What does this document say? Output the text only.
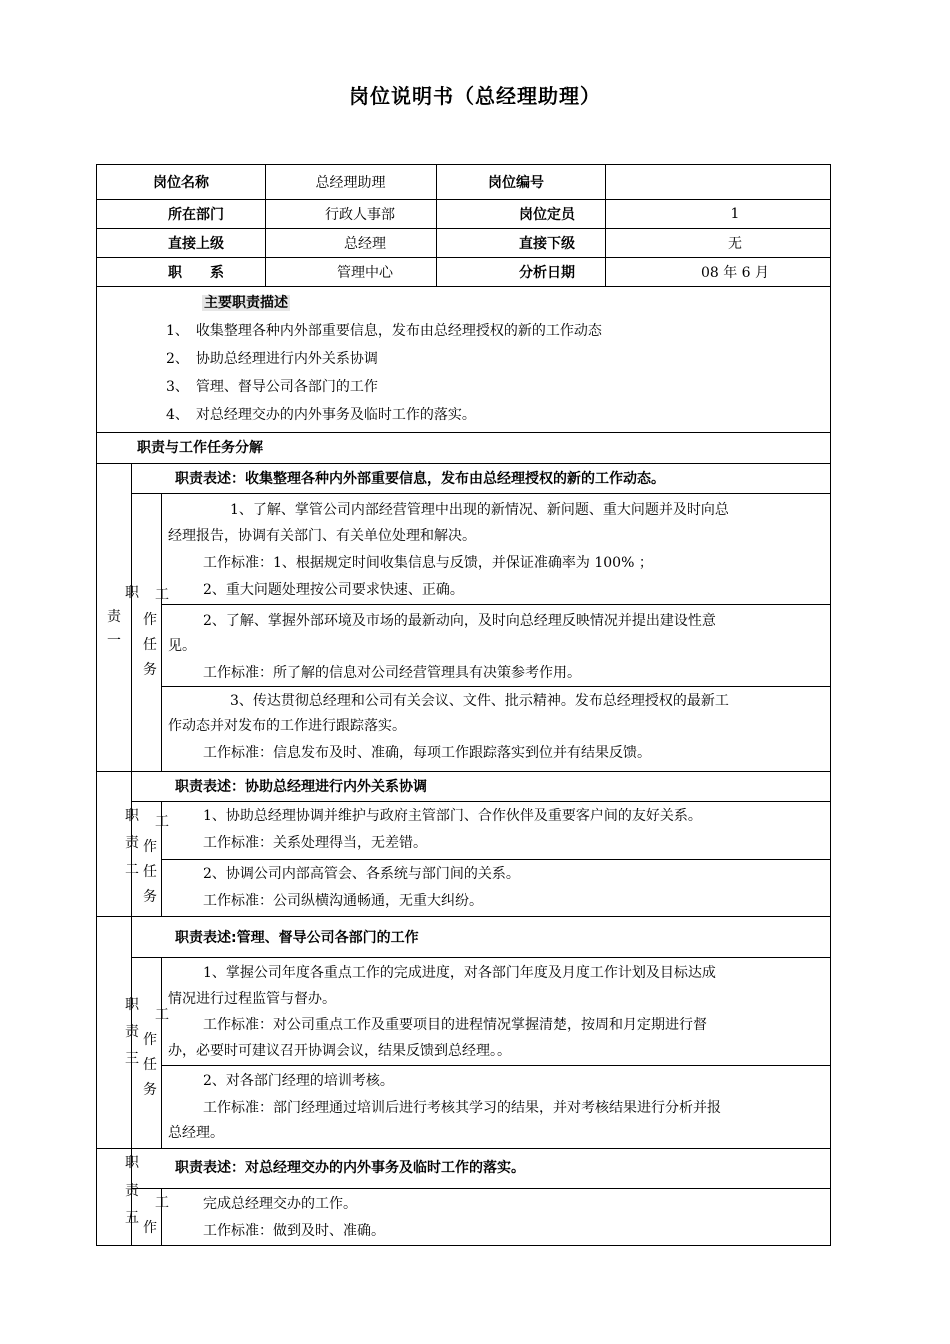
岗位说明书（总经理助理）
岗位名称	总经理助理	岗位编号
所在部门	行政人事部	岗位定员	1
直接上级	总经理	直接下级	无
职　　系	管理中心	分析日期	08 年 6 月
主要职责描述
1、　收集整理各种内外部重要信息，发布由总经理授权的新的工作动态
2、　协助总经理进行内外关系协调
3、　管理、督导公司各部门的工作
4、　对总经理交办的内外事务及临时工作的落实。
职责与工作任务分解
职责表述：收集整理各种内外部重要信息，发布由总经理授权的新的工作动态。
职
责
一
工
作
任
务
1、了解、掌管公司内部经营管理中出现的新情况、新问题、重大问题并及时向总
经理报告，协调有关部门、有关单位处理和解决。
工作标准：1、根据规定时间收集信息与反馈，并保证准确率为 100% ；
2、重大问题处理按公司要求快速、正确。
2、了解、掌握外部环境及市场的最新动向，及时向总经理反映情况并提出建设性意
见。
工作标准：所了解的信息对公司经营管理具有决策参考作用。
3、传达贯彻总经理和公司有关会议、文件、批示精神。发布总经理授权的最新工
作动态并对发布的工作进行跟踪落实。
工作标准：信息发布及时、准确，每项工作跟踪落实到位并有结果反馈。
职责表述：协助总经理进行内外关系协调
职
责
二
工
作
任
务
1、协助总经理协调并维护与政府主管部门、合作伙伴及重要客户间的友好关系。
工作标准：关系处理得当，无差错。
2、协调公司内部高管会、各系统与部门间的关系。
工作标准：公司纵横沟通畅通，无重大纠纷。
职责表述:管理、督导公司各部门的工作
职
责
三
工
作
任
务
1、掌握公司年度各重点工作的完成进度，对各部门年度及月度工作计划及目标达成
情况进行过程监管与督办。
工作标准：对公司重点工作及重要项目的进程情况掌握清楚，按周和月定期进行督
办，必要时可建议召开协调会议，结果反馈到总经理。。
2、对各部门经理的培训考核。
工作标准：部门经理通过培训后进行考核其学习的结果，并对考核结果进行分析并报
总经理。
职责表述：对总经理交办的内外事务及临时工作的落实。
职
责
五
工
作
完成总经理交办的工作。
工作标准：做到及时、准确。
